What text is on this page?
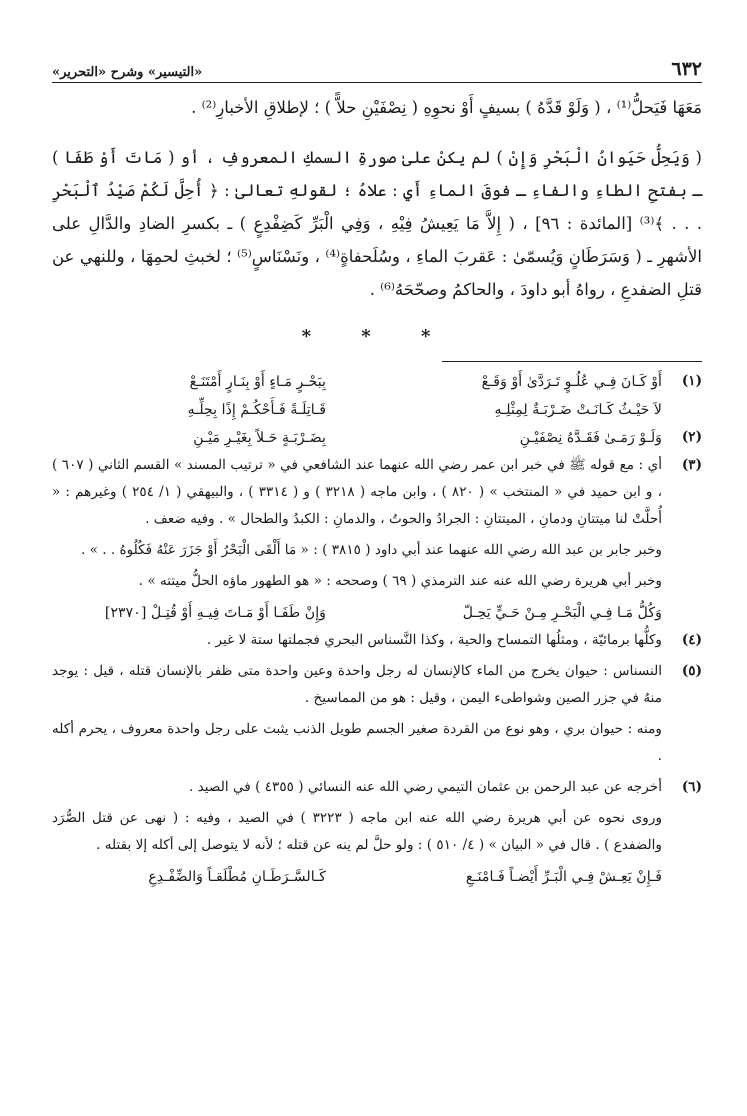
٦٣٢
«التيسير» وشرح «التحرير»

مَعَهَا فَيَحلُّ⁽¹⁾ ، ( وَلَوْ قَدَّهُ ) بسيفٍ أَوْ نحوِهِ ( نِصْفَيْنِ حلاًّ ) ؛ لإطلاقِ الأخبارِ⁽²⁾ .

( وَيَحِلُّ حَيَوانُ الْبَحْرِ وَإِنْ ) لم يكنْ علىٰ صورةِ السمكِ المعروفِ ، أو ( مَاتَ أَوْ طَفَا ) ـ بفتحِ الطاءِ والفاءِ ـ فوقَ الماءِ أَي : علاهُ ؛ لقولهِ تعالىٰ : ﴿ أُحِلَّ لَكُمْ صَيْدُ ٱلْبَحْرِ . . . ﴾⁽³⁾ [المائدة : ٩٦] ، ( إِلاَّ مَا يَعِيشُ فِيْهِ ، وَفِي الْبَرِّ كَضِفْدِعٍ ) ـ بكسرِ الضادِ والدَّالِ على الأشهرِ ـ ( وَسَرَطَانٍ وَيُسمّىٰ : عَقربَ الماءِ ، وسُلَحفاةٍ⁽⁴⁾ ، ونَسْنَاسٍ⁽⁵⁾ ؛ لخبثِ لحمِهَا ، وللنهي عن قتلِ الضفدعِ ، رواهُ أبو داودَ ، والحاكمُ وصحّحَهُ⁽⁶⁾ .

* * *
(١)
أَوْ كَـانَ فِـي عُلُـوٍ تَـرَدَّىٰ أَوْ وَقَـعْ
بِبَحْـرٍ مَـاءٍ أَوْ بِنَـارٍ أَمْتَنَـعْ
لاَ حَيْـثُ كَـانَـتْ ضَـرْبَـةٌ لِمِثْلِـهِ
قَـاتِلَـةً فَـأَحْكُـمْ إِذًا بِحِلِّـهِ
(٢)
وَلَـوْ رَمَـىٰ فَقَـدَّهُ نِصْفَيْـنِ
بِضَـرْبَـةٍ حَـلاً بِغَيْـرِ مَيْـنِ
(٣)

أي : مع قوله ﷺ في خبر ابن عمر رضي الله عنهما عند الشافعي في « ترتيب المسند » القسم الثاني ( ٦٠٧ ) ، و ابن حميد في « المنتخب » ( ٨٢٠ ) ، وابن ماجه ( ٣٢١٨ ) و ( ٣٣١٤ ) ، والبيهقي ( ١/ ٢٥٤ ) وغيرهم : « أُحلَّتْ لنا ميتتانِ ودمانِ ، الميتتانِ : الجرادُ والحوتُ ، والدمانِ : الكبدُ والطحال » . وفيه ضعف .

وخبر جابر بن عبد الله رضي الله عنهما عند أبي داود ( ٣٨١٥ ) : « مَا أَلْقَى الْبَحْرُ أَوْ جَزَرَ عَنْهُ فَكُلُوهُ . . » .

وخبر أبي هريرة رضي الله عنه عند الترمذي ( ٦٩ ) وصححه : « هو الطهور ماؤه الحلُّ ميتته » .

وَكُلُّ مَـا فِـي الْبَحْـرِ مِـنْ حَـيٍّ يَحِـلّ
وَإِنْ طَفَـا أَوْ مَـاتَ فِيـهِ أَوْ قُتِـلْ [٢٣٧٠]
(٤)

وكلُّها برمائيّة ، ومثلُها التمساح والحية ، وكذا النَّسناس البحري فجملتها ستة لا غير .

(٥)

النسناس : حيوان يخرج من الماء كالإنسان له رجل واحدة وعين واحدة متى ظفر بالإنسان قتله ، قيل : يوجد منهُ في جزر الصين وشواطىء اليمن ، وقيل : هو من المماسيخ .

ومنه : حيوان بري ، وهو نوع من القردة صغير الجسم طويل الذنب يثبت على رجل واحدة معروف ، يحرم أكله .

(٦)

أخرجه عن عبد الرحمن بن عثمان التيمي رضي الله عنه النسائي ( ٤٣٥٥ ) في الصيد .

وروى نحوه عن أبي هريرة رضي الله عنه ابن ماجه ( ٣٢٢٣ ) في الصيد ، وفيه : ( نهى عن قتل الصُّرَد والضفدع ) . قال في « البيان » ( ٤/ ٥١٠ ) : ولو حلَّ لم ينه عن قتله ؛ لأنه لا يتوصل إلى أكله إلا بقتله .

فَـإِنْ يَعِـشْ فِـي الْبَـرِّ أَيْضـاً فَـامْنَـعِ
كَـالسَّـرَطَـانِ مُطْلَقـاً وَالضِّفْـدِعِ
